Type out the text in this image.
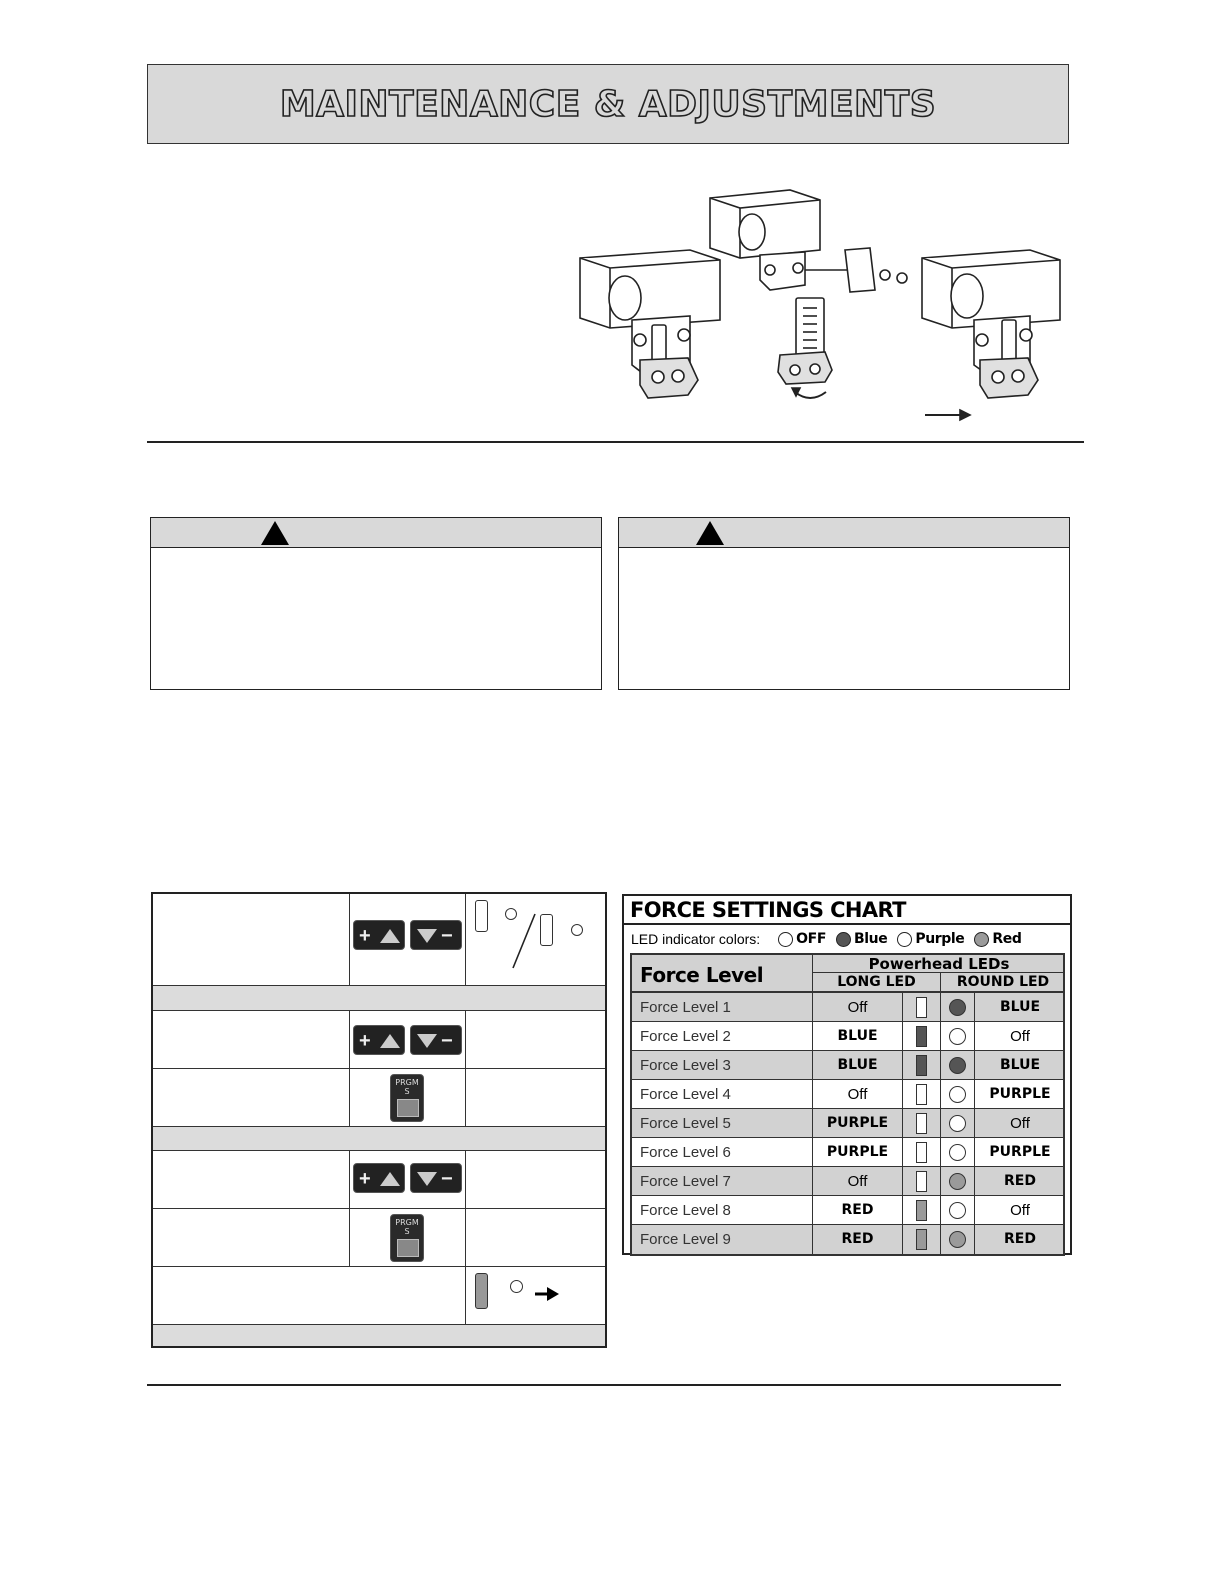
MAINTENANCE & ADJUSTMENTS
+	−
+	−
PRGM
S
+	−
PRGM
S
FORCE SETTINGS CHART
LED indicator colors:	OFF Blue Purple Red
Force Level	Powerhead LEDs
LONG LED	ROUND LED
Force Level 1	Off	BLUE
Force Level 2	BLUE	Off
Force Level 3	BLUE	BLUE
Force Level 4	Off	PURPLE
Force Level 5	PURPLE	Off
Force Level 6	PURPLE	PURPLE
Force Level 7	Off	RED
Force Level 8	RED	Off
Force Level 9	RED	RED
